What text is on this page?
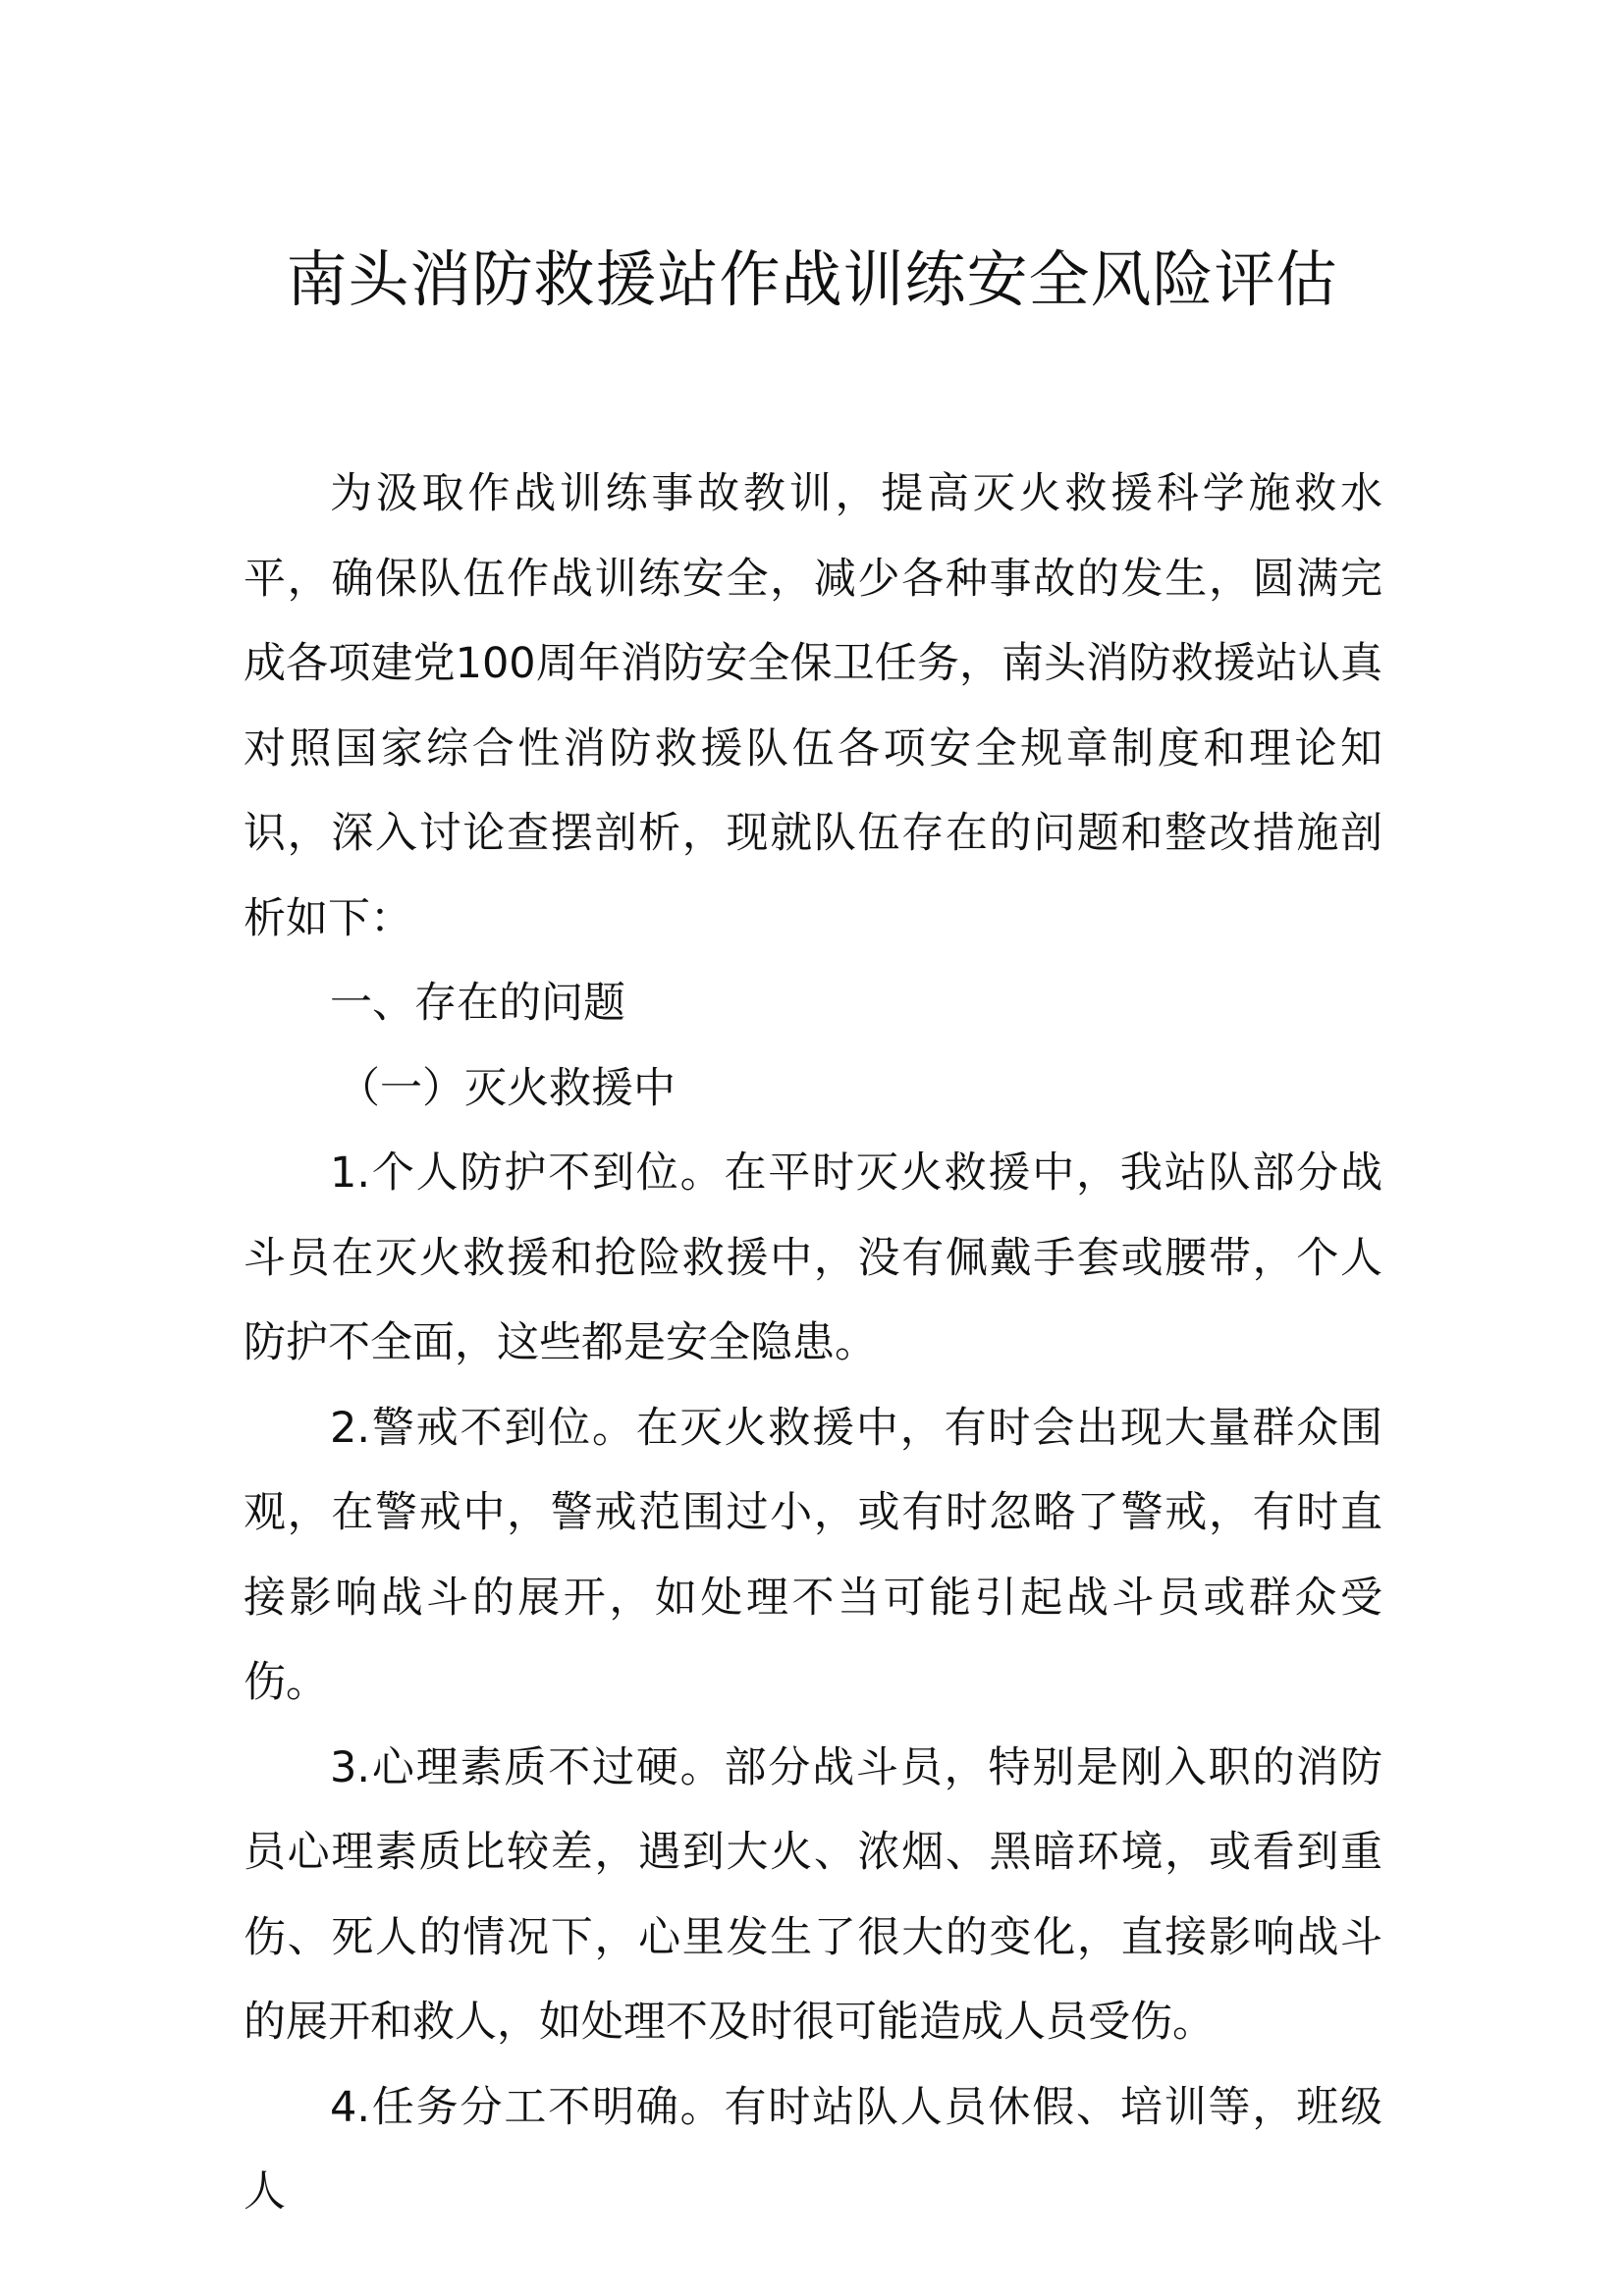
南头消防救援站作战训练安全风险评估

为汲取作战训练事故教训，提高灭火救援科学施救水平，确保队伍作战训练安全，减少各种事故的发生，圆满完成各项建党100周年消防安全保卫任务，南头消防救援站认真对照国家综合性消防救援队伍各项安全规章制度和理论知识，深入讨论查摆剖析，现就队伍存在的问题和整改措施剖析如下：

一、存在的问题

（一）灭火救援中

1.个人防护不到位。在平时灭火救援中，我站队部分战斗员在灭火救援和抢险救援中，没有佩戴手套或腰带，个人防护不全面，这些都是安全隐患。

2.警戒不到位。在灭火救援中，有时会出现大量群众围观，在警戒中，警戒范围过小，或有时忽略了警戒，有时直接影响战斗的展开，如处理不当可能引起战斗员或群众受伤。

3.心理素质不过硬。部分战斗员，特别是刚入职的消防员心理素质比较差，遇到大火、浓烟、黑暗环境，或看到重伤、死人的情况下，心里发生了很大的变化，直接影响战斗的展开和救人，如处理不及时很可能造成人员受伤。

4.任务分工不明确。有时站队人员休假、培训等，班级人
